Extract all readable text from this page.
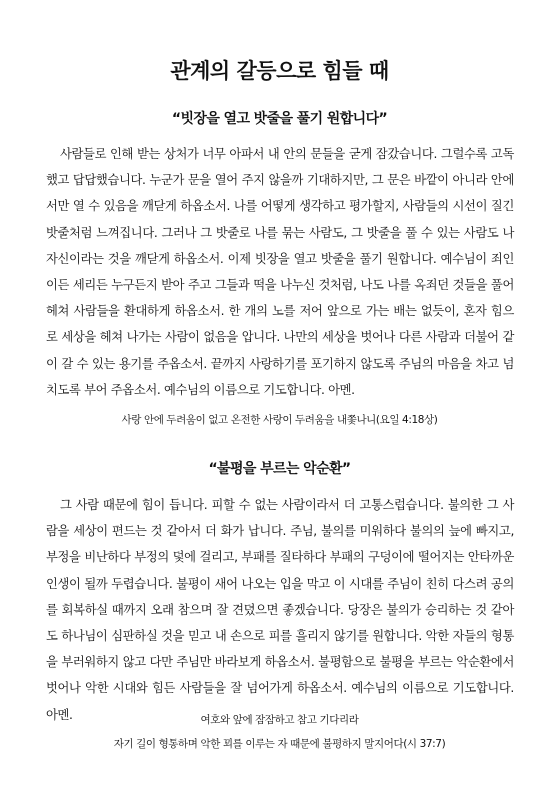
관계의 갈등으로 힘들 때
“빗장을 열고 밧줄을 풀기 원합니다”

사람들로 인해 받는 상처가 너무 아파서 내 안의 문들을 굳게 잠갔습니다. 그럴수록 고독했고 답답했습니다. 누군가 문을 열어 주지 않을까 기대하지만, 그 문은 바깥이 아니라 안에서만 열 수 있음을 깨닫게 하옵소서. 나를 어떻게 생각하고 평가할지, 사람들의 시선이 질긴 밧줄처럼 느껴집니다. 그러나 그 밧줄로 나를 묶는 사람도, 그 밧줄을 풀 수 있는 사람도 나 자신이라는 것을 깨닫게 하옵소서. 이제 빗장을 열고 밧줄을 풀기 원합니다. 예수님이 죄인이든 세리든 누구든지 받아 주고 그들과 떡을 나누신 것처럼, 나도 나를 옥죄던 것들을 풀어 헤쳐 사람들을 환대하게 하옵소서. 한 개의 노를 저어 앞으로 가는 배는 없듯이, 혼자 힘으로 세상을 헤쳐 나가는 사람이 없음을 압니다. 나만의 세상을 벗어나 다른 사람과 더불어 같이 갈 수 있는 용기를 주옵소서. 끝까지 사랑하기를 포기하지 않도록 주님의 마음을 차고 넘치도록 부어 주옵소서. 예수님의 이름으로 기도합니다. 아멘.

사랑 안에 두려움이 없고 온전한 사랑이 두려움을 내쫓나니(요일 4:18상)

“불평을 부르는 악순환”

그 사람 때문에 힘이 듭니다. 피할 수 없는 사람이라서 더 고통스럽습니다. 불의한 그 사람을 세상이 편드는 것 같아서 더 화가 납니다. 주님, 불의를 미워하다 불의의 늪에 빠지고, 부정을 비난하다 부정의 덫에 걸리고, 부패를 질타하다 부패의 구덩이에 떨어지는 안타까운 인생이 될까 두렵습니다. 불평이 새어 나오는 입을 막고 이 시대를 주님이 친히 다스려 공의를 회복하실 때까지 오래 참으며 잘 견뎠으면 좋겠습니다. 당장은 불의가 승리하는 것 같아도 하나님이 심판하실 것을 믿고 내 손으로 피를 흘리지 않기를 원합니다. 악한 자들의 형통을 부러워하지 않고 다만 주님만 바라보게 하옵소서. 불평함으로 불평을 부르는 악순환에서 벗어나 악한 시대와 힘든 사람들을 잘 넘어가게 하옵소서. 예수님의 이름으로 기도합니다. 아멘.	여호와 앞에 잠잠하고 참고 기다리라

자기 길이 형통하며 악한 꾀를 이루는 자 때문에 불평하지 말지어다(시 37:7)
